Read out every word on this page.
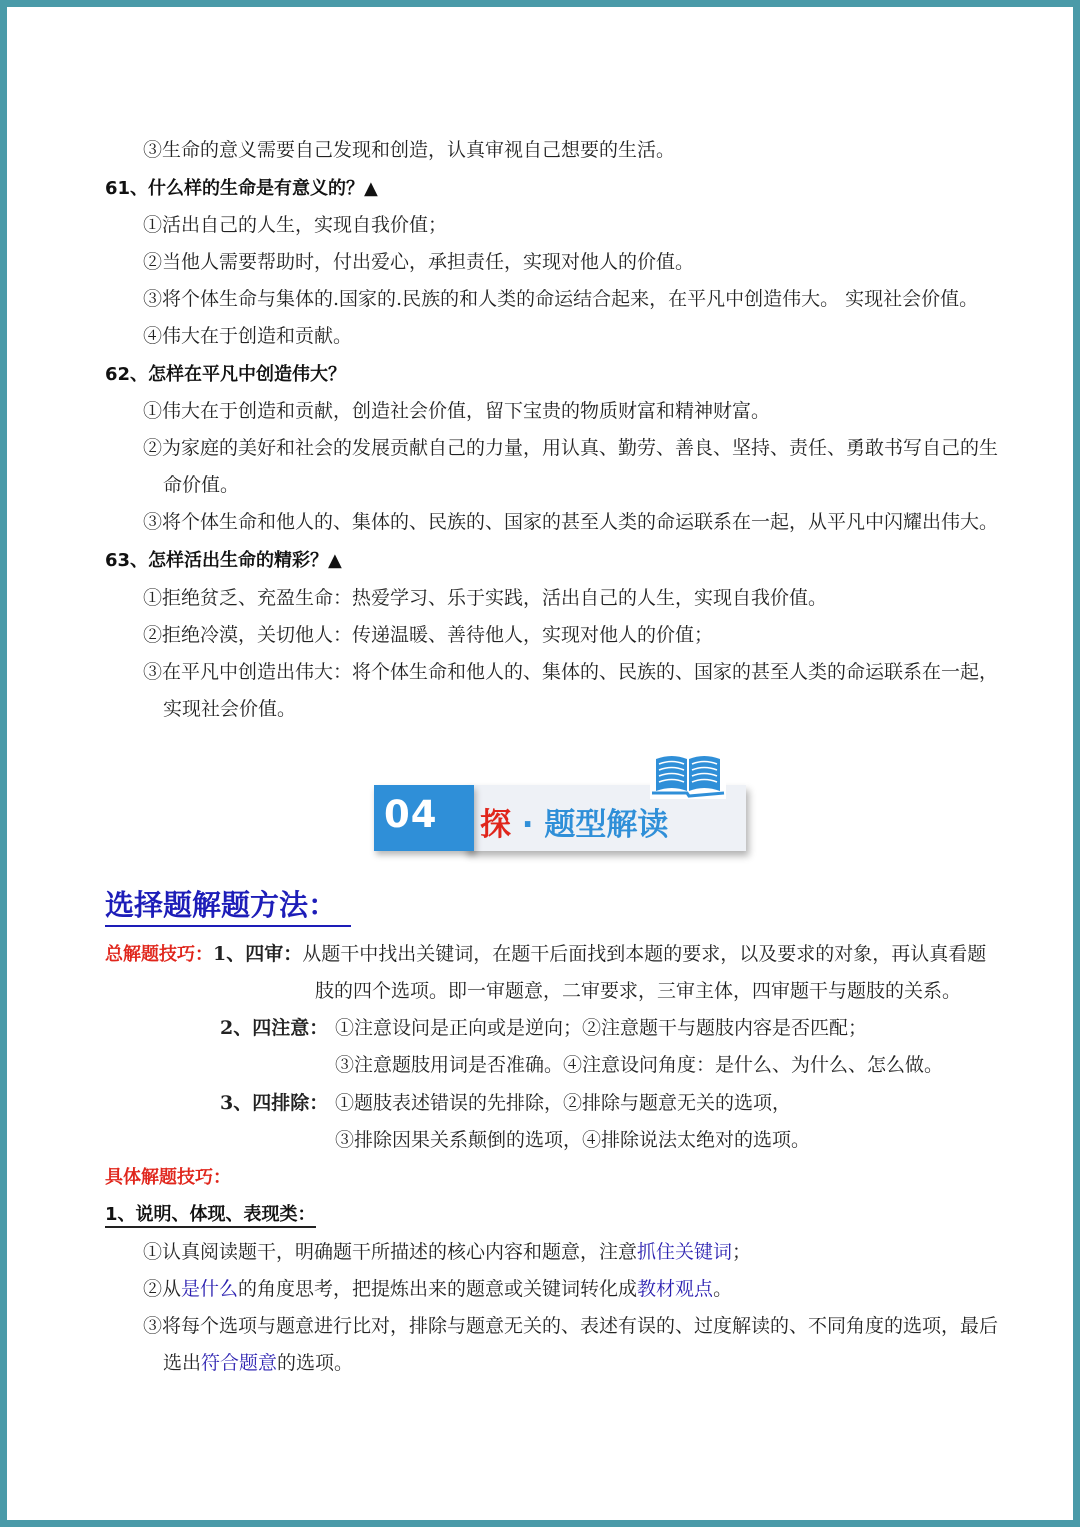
③生命的意义需要自己发现和创造，认真审视自己想要的生活。
61、什么样的生命是有意义的？▲
①活出自己的人生，实现自我价值；
②当他人需要帮助时，付出爱心，承担责任，实现对他人的价值。
③将个体生命与集体的.国家的.民族的和人类的命运结合起来，在平凡中创造伟大。 实现社会价值。
④伟大在于创造和贡献。
62、怎样在平凡中创造伟大？
①伟大在于创造和贡献，创造社会价值，留下宝贵的物质财富和精神财富。
②为家庭的美好和社会的发展贡献自己的力量，用认真、勤劳、善良、坚持、责任、勇敢书写自己的生
命价值。
③将个体生命和他人的、集体的、民族的、国家的甚至人类的命运联系在一起，从平凡中闪耀出伟大。
63、怎样活出生命的精彩？▲
①拒绝贫乏、充盈生命：热爱学习、乐于实践，活出自己的人生，实现自我价值。
②拒绝冷漠，关切他人：传递温暖、善待他人，实现对他人的价值；
③在平凡中创造出伟大：将个体生命和他人的、集体的、民族的、国家的甚至人类的命运联系在一起，
实现社会价值。
04	探 · 题型解读
选择题解题方法：
总解题技巧：1、四审：从题干中找出关键词，在题干后面找到本题的要求，以及要求的对象，再认真看题
肢的四个选项。即一审题意，二审要求，三审主体，四审题干与题肢的关系。
2、四注意： ①注意设问是正向或是逆向；②注意题干与题肢内容是否匹配；
③注意题肢用词是否准确。④注意设问角度：是什么、为什么、怎么做。
3、四排除： ①题肢表述错误的先排除，②排除与题意无关的选项，
③排除因果关系颠倒的选项，④排除说法太绝对的选项。
具体解题技巧：
1、说明、体现、表现类：
①认真阅读题干，明确题干所描述的核心内容和题意，注意抓住关键词；
②从是什么的角度思考，把提炼出来的题意或关键词转化成教材观点。
③将每个选项与题意进行比对，排除与题意无关的、表述有误的、过度解读的、不同角度的选项，最后
选出符合题意的选项。
